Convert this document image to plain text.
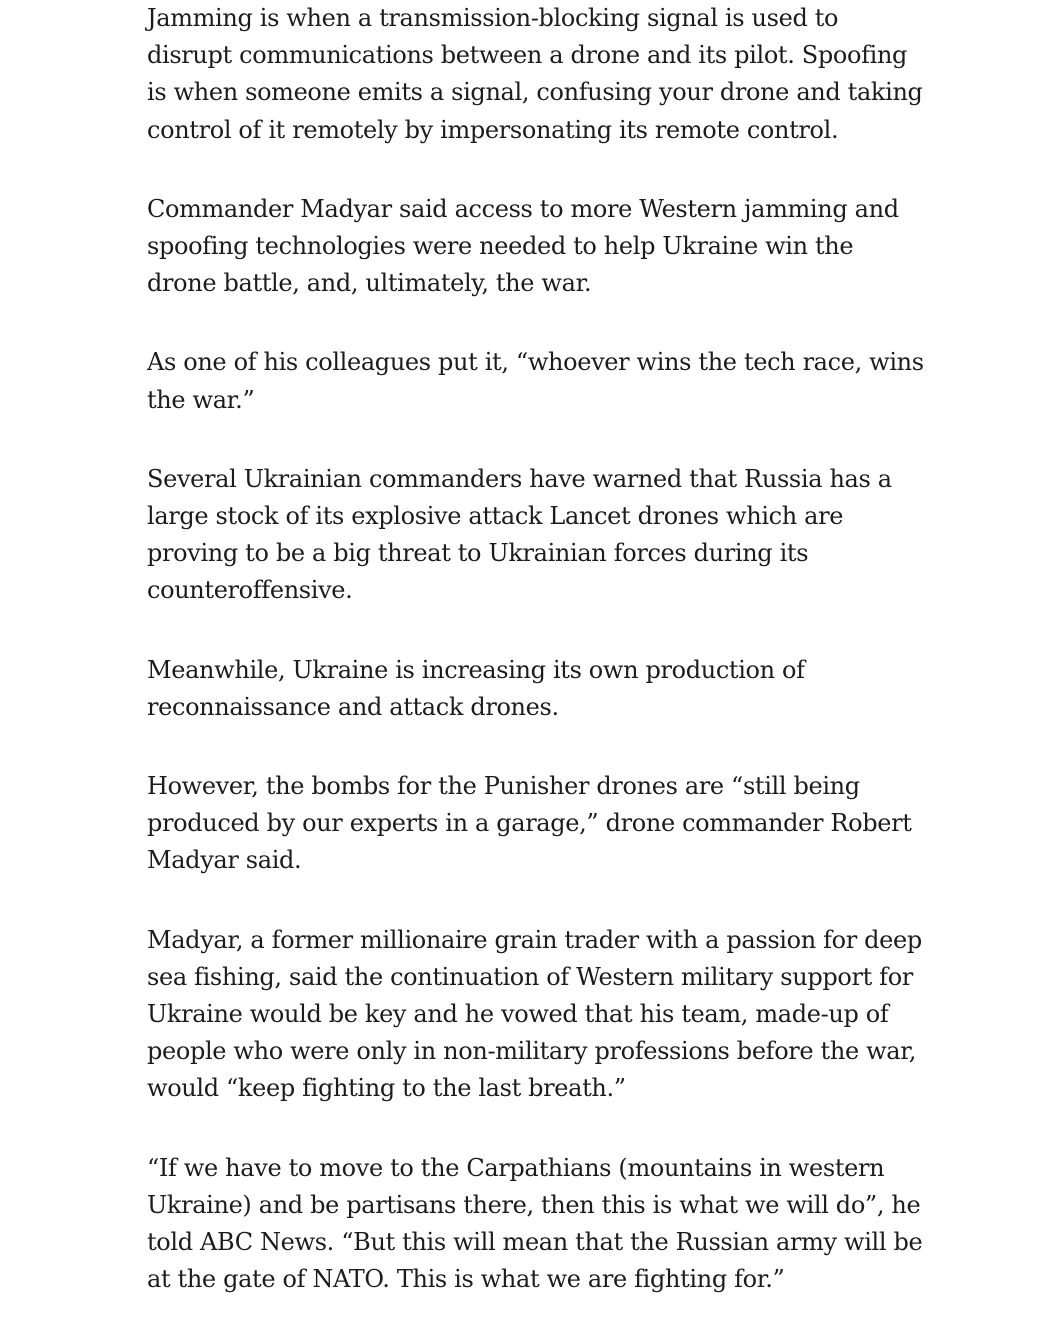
Jamming is when a transmission-blocking signal is used to disrupt communications between a drone and its pilot. Spoofing is when someone emits a signal, confusing your drone and taking control of it remotely by impersonating its remote control.

Commander Madyar said access to more Western jamming and spoofing technologies were needed to help Ukraine win the drone battle, and, ultimately, the war.

As one of his colleagues put it, “whoever wins the tech race, wins the war.”

Several Ukrainian commanders have warned that Russia has a large stock of its explosive attack Lancet drones which are proving to be a big threat to Ukrainian forces during its counteroffensive.

Meanwhile, Ukraine is increasing its own production of reconnaissance and attack drones.

However, the bombs for the Punisher drones are “still being produced by our experts in a garage,” drone commander Robert Madyar said.

Madyar, a former millionaire grain trader with a passion for deep sea fishing, said the continuation of Western military support for Ukraine would be key and he vowed that his team, made-up of people who were only in non-military professions before the war, would “keep fighting to the last breath.”

“If we have to move to the Carpathians (mountains in western Ukraine) and be partisans there, then this is what we will do”, he told ABC News. “But this will mean that the Russian army will be at the gate of NATO. This is what we are fighting for.”
